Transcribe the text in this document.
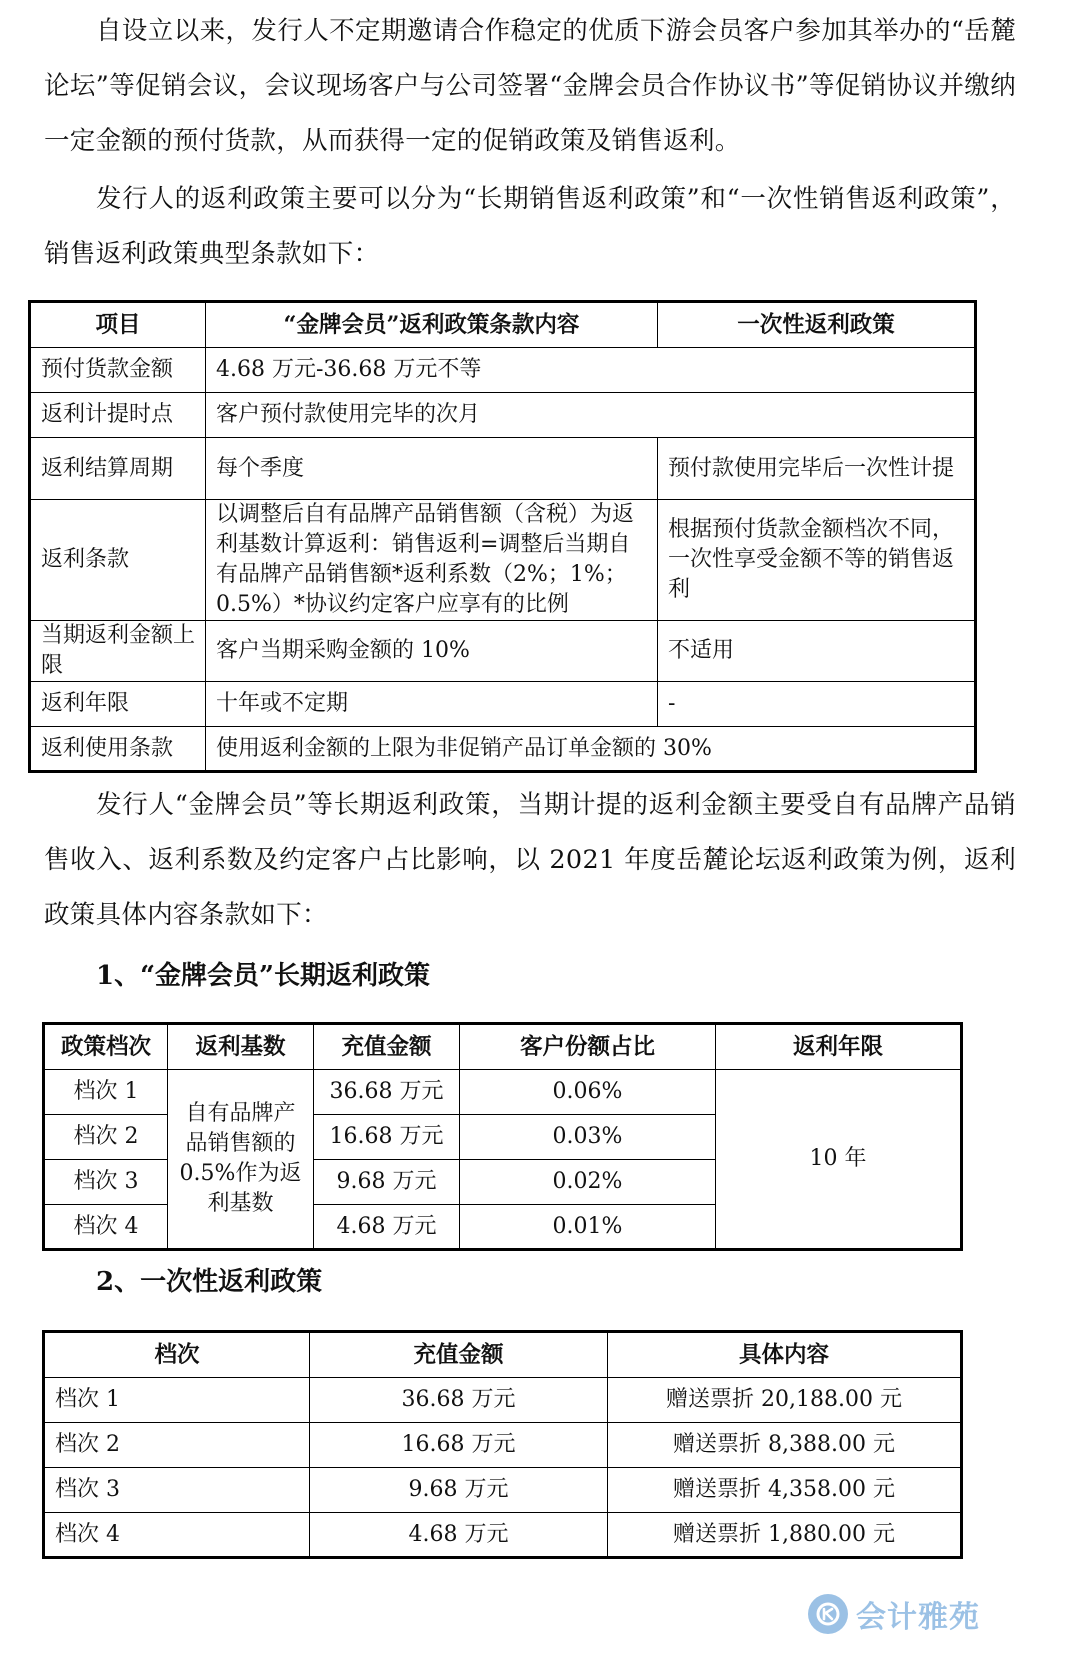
自设立以来，发行人不定期邀请合作稳定的优质下游会员客户参加其举办的“岳麓论坛”等促销会议，会议现场客户与公司签署“金牌会员合作协议书”等促销协议并缴纳一定金额的预付货款，从而获得一定的促销政策及销售返利。

发行人的返利政策主要可以分为“长期销售返利政策”和“一次性销售返利政策”，销售返利政策典型条款如下：

项目	“金牌会员”返利政策条款内容	一次性返利政策
预付货款金额	4.68 万元-36.68 万元不等	
返利计提时点	客户预付款使用完毕的次月	
返利结算周期	每个季度	预付款使用完毕后一次性计提
返利条款	以调整后自有品牌产品销售额（含税）为返利基数计算返利：销售返利=调整后当期自有品牌产品销售额*返利系数（2%；1%；0.5%）*协议约定客户应享有的比例	根据预付货款金额档次不同，一次性享受金额不等的销售返利
当期返利金额上限	客户当期采购金额的 10%	不适用
返利年限	十年或不定期	-
返利使用条款	使用返利金额的上限为非促销产品订单金额的 30%	

发行人“金牌会员”等长期返利政策，当期计提的返利金额主要受自有品牌产品销售收入、返利系数及约定客户占比影响，以 2021 年度岳麓论坛返利政策为例，返利政策具体内容条款如下：

1、“金牌会员”长期返利政策
政策档次	返利基数	充值金额	客户份额占比	返利年限
档次 1	自有品牌产品销售额的0.5%作为返利基数	36.68 万元	0.06%	10 年
档次 2		16.68 万元	0.03%	
档次 3		9.68 万元	0.02%	
档次 4		4.68 万元	0.01%	
2、一次性返利政策
档次	充值金额	具体内容
档次 1	36.68 万元	赠送票折 20,188.00 元
档次 2	16.68 万元	赠送票折 8,388.00 元
档次 3	9.68 万元	赠送票折 4,358.00 元
档次 4	4.68 万元	赠送票折 1,880.00 元
会计雅苑
